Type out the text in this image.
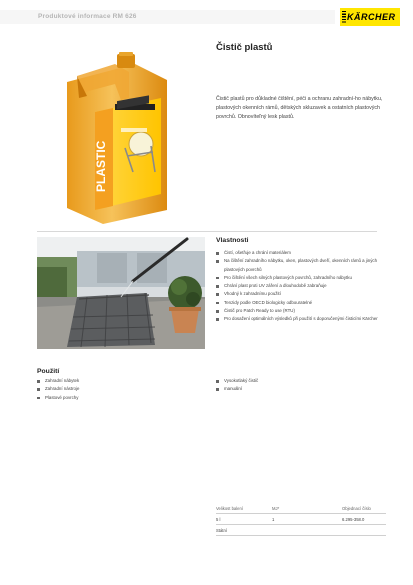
Produktové informace RM 626	KÄRCHER
PLASTIC
Čistič plastů
Čistič plastů pro důkladné čištění, péči a ochranu zahradní-ho nábytku, plastových okenních rámů, dětských skluzavek a ostatních plastových povrchů. Obnovíteľný lesk plastů.
Vlastnosti
Čistí, ošetřuje a chrání materiálem
Na čištění zahradního nábytku, oken, plastových dveří, okenních rámů a jiných plastových povrchů
Pro čištění všech silných plastových povrchů, zahradního nábytku
Chrání plast proti UV záření a dlouhodobě zabraňuje
Vhodný k zahradnímu použití
Tenzidy podle OECD biologicky odbouratelné
Čistič pro Patch Ready to use (RTU)
Pro dosažení optimálních výsledků při použití s doporučenými čisticími Kärcher
Použití
Zahradní nábytek
Zahradní nástroje
Plastové povrchy
Vysokotlaký čistič
manuální
Velikost balení	MJ*	Objednací číslo
5 l	1	6.295-358.0
Státní
